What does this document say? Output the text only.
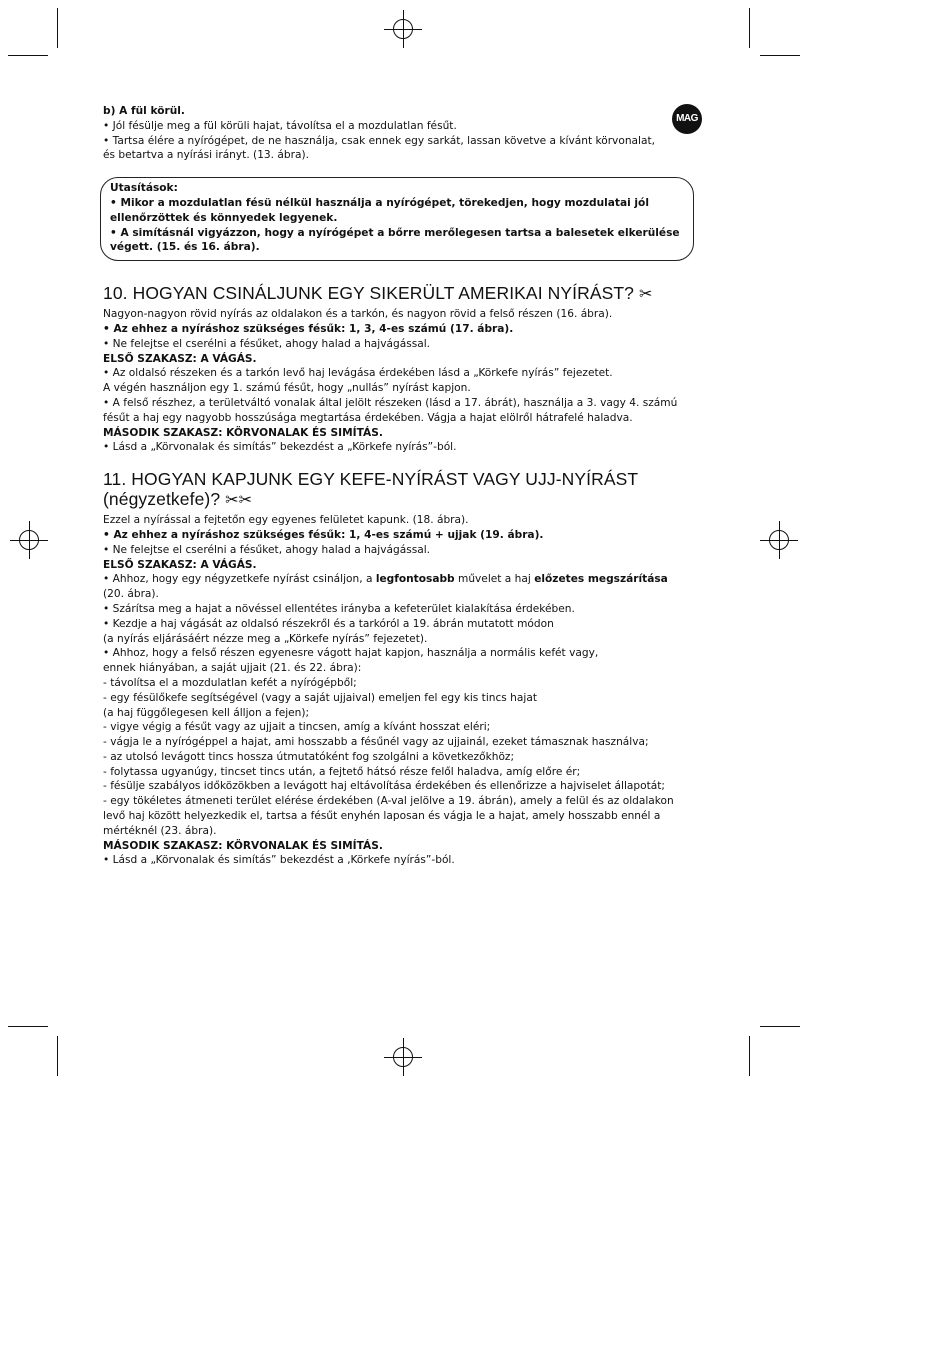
MAG

b) A fül körül.

• Jól fésülje meg a fül körüli hajat, távolítsa el a mozdulatlan fésűt.

• Tartsa élére a nyírógépet, de ne használja, csak ennek egy sarkát, lassan követve a kívánt körvonalat,

és betartva a nyírási irányt. (13. ábra).

Utasítások:

• Mikor a mozdulatlan fésü nélkül használja a nyírógépet, törekedjen, hogy mozdulatai jól

ellenőrzöttek és könnyedek legyenek.

• A simításnál vigyázzon, hogy a nyírógépet a bőrre merőlegesen tartsa a balesetek elkerülése

végett. (15. és 16. ábra).

10. HOGYAN CSINÁLJUNK EGY SIKERÜLT AMERIKAI NYÍRÁST? ✂

Nagyon-nagyon rövid nyírás az oldalakon és a tarkón, és nagyon rövid a felső részen (16. ábra).

• Az ehhez a nyíráshoz szükséges fésűk: 1, 3, 4-es számú (17. ábra).

• Ne felejtse el cserélni a fésűket, ahogy halad a hajvágással.

ELSŐ SZAKASZ: A VÁGÁS.

• Az oldalsó részeken és a tarkón levő haj levágása érdekében lásd a „Körkefe nyírás” fejezetet.

A végén használjon egy 1. számú fésűt, hogy „nullás” nyírást kapjon.

• A felső részhez, a területváltó vonalak által jelölt részeken (lásd a 17. ábrát), használja a 3. vagy 4. számú

fésűt a haj egy nagyobb hosszúsága megtartása érdekében. Vágja a hajat elölről hátrafelé haladva.

MÁSODIK SZAKASZ: KÖRVONALAK ÉS SIMÍTÁS.

• Lásd a „Körvonalak és simítás” bekezdést a „Körkefe nyírás”-ból.

11. HOGYAN KAPJUNK EGY KEFE-NYÍRÁST VAGY UJJ-NYÍRÁST
(négyzetkefe)? ✂✂

Ezzel a nyírással a fejtetőn egy egyenes felületet kapunk. (18. ábra).

• Az ehhez a nyíráshoz szükséges fésűk: 1, 4-es számú + ujjak (19. ábra).

• Ne felejtse el cserélni a fésűket, ahogy halad a hajvágással.

ELSŐ SZAKASZ: A VÁGÁS.

• Ahhoz, hogy egy négyzetkefe nyírást csináljon, a legfontosabb művelet a haj előzetes megszárítása

(20. ábra).

• Szárítsa meg a hajat a növéssel ellentétes irányba a kefeterület kialakítása érdekében.

• Kezdje a haj vágását az oldalsó részekről és a tarkóról a 19. ábrán mutatott módon

(a nyírás eljárásáért nézze meg a „Körkefe nyírás” fejezetet).

• Ahhoz, hogy a felső részen egyenesre vágott hajat kapjon, használja a normális kefét vagy,

ennek hiányában, a saját ujjait (21. és 22. ábra):

- távolítsa el a mozdulatlan kefét a nyírógépből;

- egy fésülőkefe segítségével (vagy a saját ujjaival) emeljen fel egy kis tincs hajat

(a haj függőlegesen kell álljon a fejen);

- vigye végig a fésűt vagy az ujjait a tincsen, amíg a kívánt hosszat eléri;

- vágja le a nyírógéppel a hajat, ami hosszabb a fésűnél vagy az ujjainál, ezeket támasznak használva;

- az utolsó levágott tincs hossza útmutatóként fog szolgálni a következőkhöz;

- folytassa ugyanúgy, tincset tincs után, a fejtető hátsó része felől haladva, amíg előre ér;

- fésülje szabályos időközökben a levágott haj eltávolítása érdekében és ellenőrizze a hajviselet állapotát;

- egy tökéletes átmeneti terület elérése érdekében (A-val jelölve a 19. ábrán), amely a felül és az oldalakon

levő haj között helyezkedik el, tartsa a fésűt enyhén laposan és vágja le a hajat, amely hosszabb ennél a

mértéknél (23. ábra).

MÁSODIK SZAKASZ: KÖRVONALAK ÉS SIMÍTÁS.

• Lásd a „Körvonalak és simítás” bekezdést a ‚Körkefe nyírás”-ból.
